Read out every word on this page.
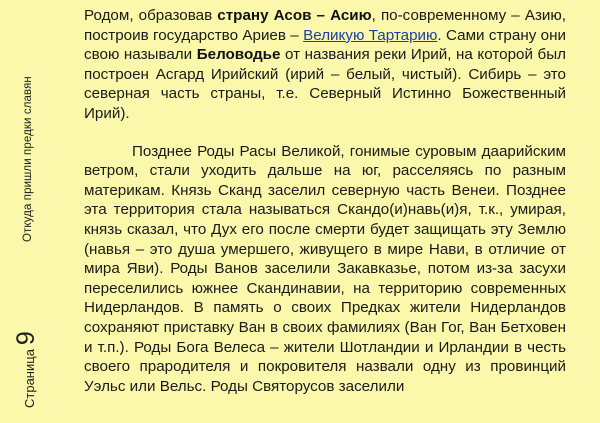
Откуда пришли предки славян
Страница
9

Родом, образовав страну Асов – Асию, по-современному – Азию, построив государство Ариев – Великую Тартарию. Сами страну они свою называли Беловодье от названия реки Ирий, на которой был построен Асгард Ирийский (ирий – белый, чистый). Сибирь – это северная часть страны, т.е. Северный Истинно Божественный Ирий).

Позднее Роды Расы Великой, гонимые суровым даарийским ветром, стали уходить дальше на юг, расселяясь по разным материкам. Князь Сканд заселил северную часть Венеи. Позднее эта территория стала называться Скандо(и)навь(и)я, т.к., умирая, князь сказал, что Дух его после смерти будет защищать эту Землю (навья – это душа умершего, живущего в мире Нави, в отличие от мира Яви). Роды Ванов заселили Закавказье, потом из-за засухи переселились южнее Скандинавии, на территорию современных Нидерландов. В память о своих Предках жители Нидерландов сохраняют приставку Ван в своих фамилиях (Ван Гог, Ван Бетховен и т.п.). Роды Бога Велеса – жители Шотландии и Ирландии в честь своего прародителя и покровителя назвали одну из провинций Уэльс или Вельс. Роды Святорусов заселили
